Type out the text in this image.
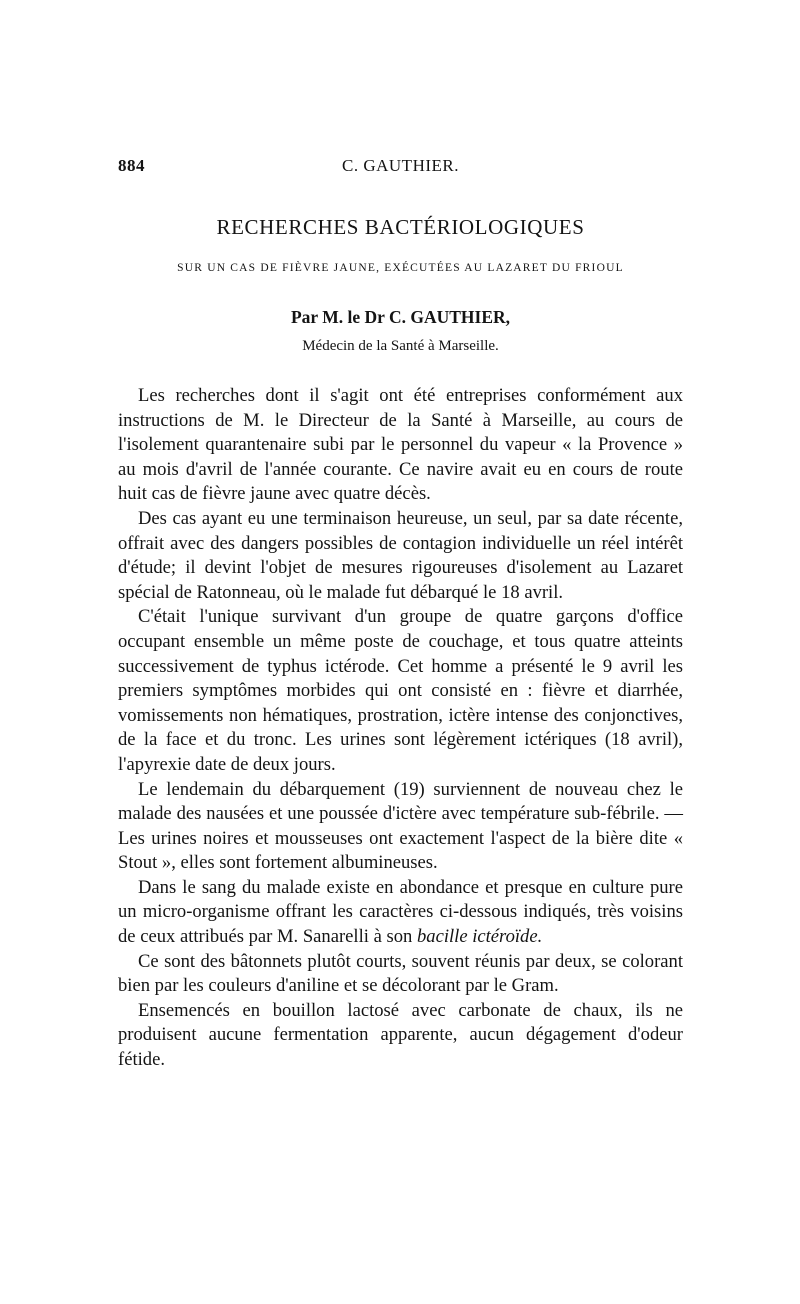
884	C. GAUTHIER.
RECHERCHES BACTÉRIOLOGIQUES

SUR UN CAS DE FIÈVRE JAUNE, EXÉCUTÉES AU LAZARET DU FRIOUL

Par M. le Dr C. GAUTHIER,

Médecin de la Santé à Marseille.

Les recherches dont il s'agit ont été entreprises conformément aux instructions de M. le Directeur de la Santé à Marseille, au cours de l'isolement quarantenaire subi par le personnel du vapeur « la Provence » au mois d'avril de l'année courante. Ce navire avait eu en cours de route huit cas de fièvre jaune avec quatre décès.

Des cas ayant eu une terminaison heureuse, un seul, par sa date récente, offrait avec des dangers possibles de contagion individuelle un réel intérêt d'étude; il devint l'objet de mesures rigoureuses d'isolement au Lazaret spécial de Ratonneau, où le malade fut débarqué le 18 avril.

C'était l'unique survivant d'un groupe de quatre garçons d'office occupant ensemble un même poste de couchage, et tous quatre atteints successivement de typhus ictérode. Cet homme a présenté le 9 avril les premiers symptômes morbides qui ont consisté en : fièvre et diarrhée, vomissements non hématiques, prostration, ictère intense des conjonctives, de la face et du tronc. Les urines sont légèrement ictériques (18 avril), l'apyrexie date de deux jours.

Le lendemain du débarquement (19) surviennent de nouveau chez le malade des nausées et une poussée d'ictère avec température sub-fébrile. — Les urines noires et mousseuses ont exactement l'aspect de la bière dite « Stout », elles sont fortement albumineuses.

Dans le sang du malade existe en abondance et presque en culture pure un micro-organisme offrant les caractères ci-dessous indiqués, très voisins de ceux attribués par M. Sanarelli à son bacille ictéroïde.

Ce sont des bâtonnets plutôt courts, souvent réunis par deux, se colorant bien par les couleurs d'aniline et se décolorant par le Gram.

Ensemencés en bouillon lactosé avec carbonate de chaux, ils ne produisent aucune fermentation apparente, aucun dégagement d'odeur fétide.
